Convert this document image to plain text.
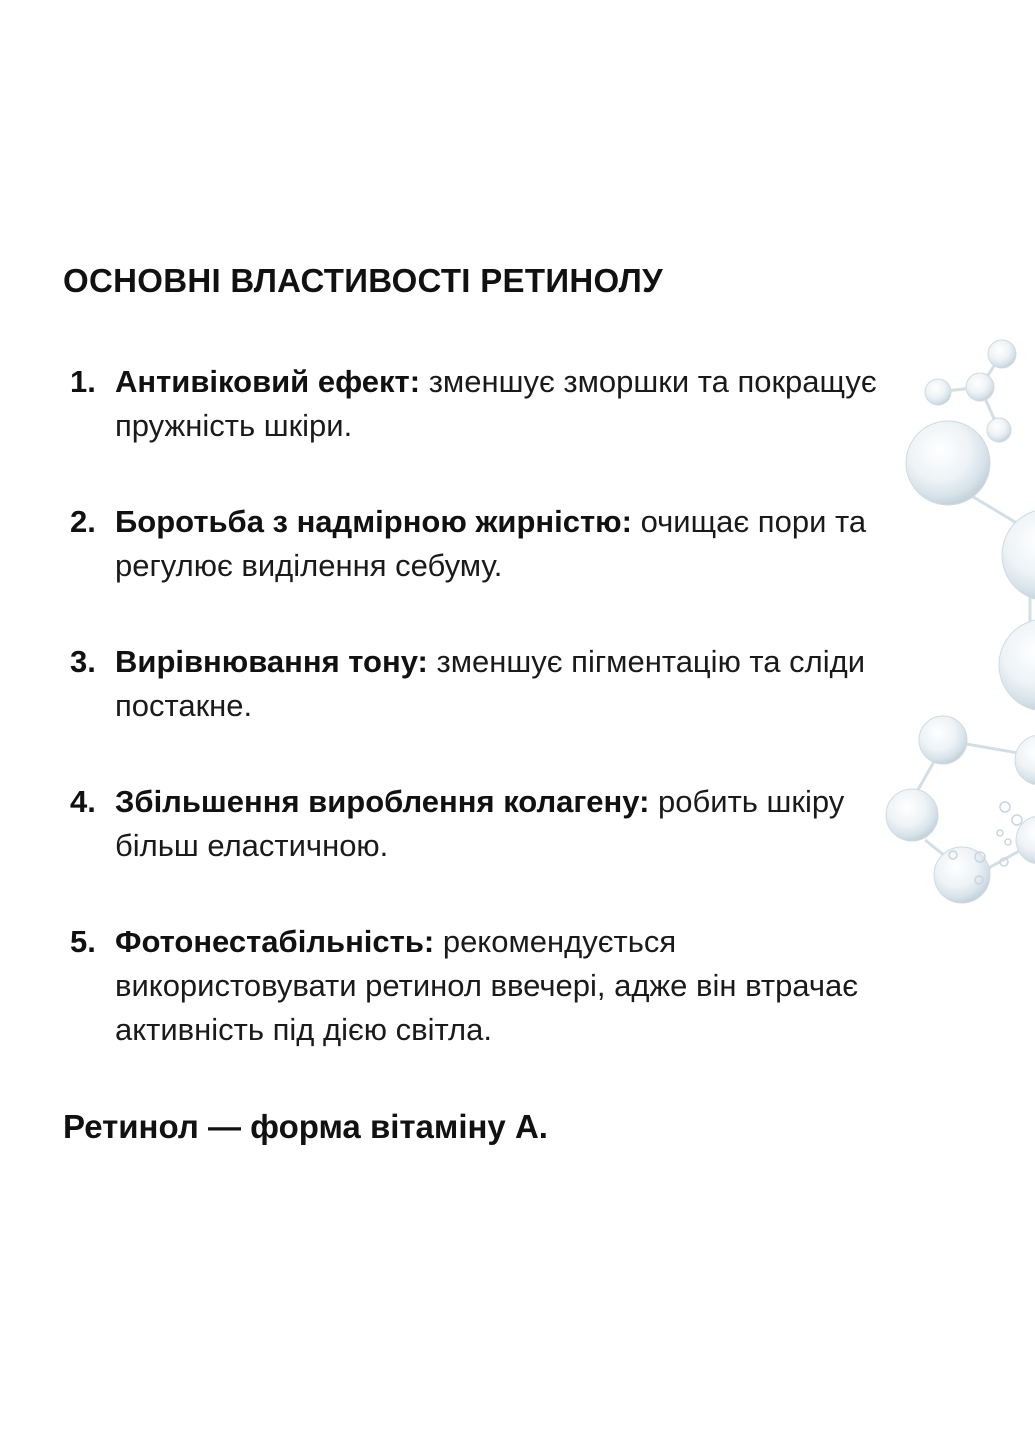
ОСНОВНІ ВЛАСТИВОСТІ РЕТИНОЛУ
1. Антивіковий ефект: зменшує зморшки та покращує пружність шкіри.
2. Боротьба з надмірною жирністю: очищає пори та регулює виділення себуму.
3. Вирівнювання тону: зменшує пігментацію та сліди постакне.
4. Збільшення вироблення колагену: робить шкіру більш еластичною.
5. Фотонестабільність: рекомендується використовувати ретинол ввечері, адже він втрачає активність під дією світла.

Ретинол — форма вітаміну А.
